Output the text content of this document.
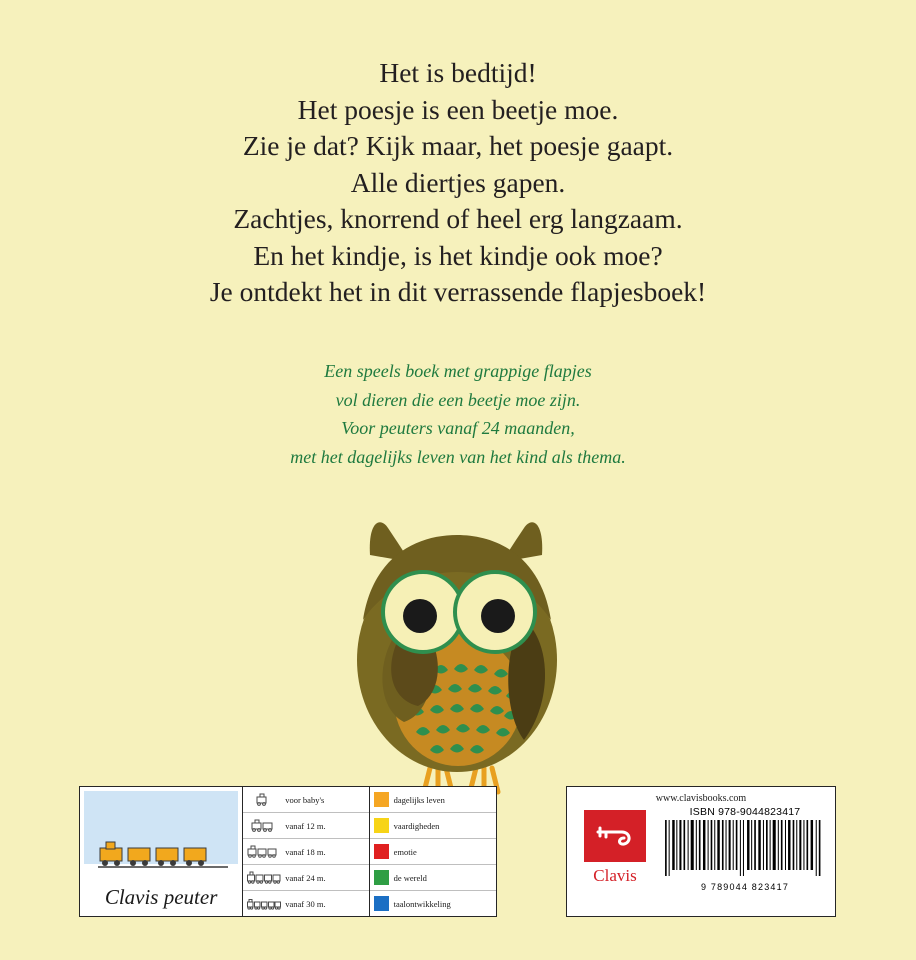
Het is bedtijd!
Het poesje is een beetje moe.
Zie je dat? Kijk maar, het poesje gaapt.
Alle diertjes gapen.
Zachtjes, knorrend of heel erg langzaam.
En het kindje, is het kindje ook moe?
Je ontdekt het in dit verrassende flapjesboek!
Een speels boek met grappige flapjes
vol dieren die een beetje moe zijn.
Voor peuters vanaf 24 maanden,
met het dagelijks leven van het kind als thema.
Clavis peuter
voor baby's
vanaf 12 m.
vanaf 18 m.
vanaf 24 m.
vanaf 30 m.
dagelijks leven
vaardigheden
emotie
de wereld
taalontwikkeling
www.clavisbooks.com
Clavis
ISBN 978-9044823417
9 789044 823417
